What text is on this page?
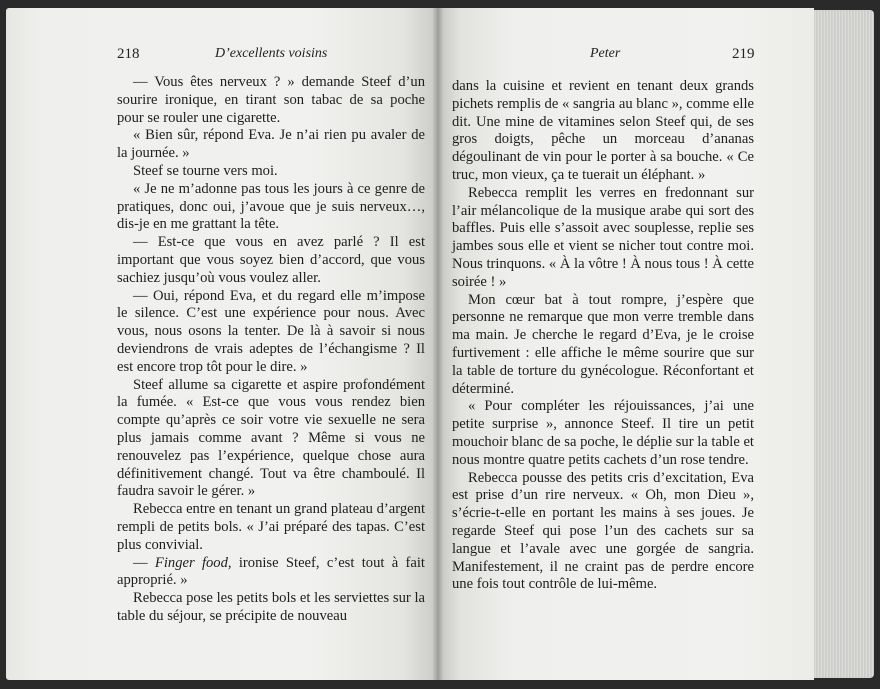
218	D’excellents voisins

— Vous êtes nerveux ? » demande Steef d’un sourire ironique, en tirant son tabac de sa poche pour se rouler une cigarette.

« Bien sûr, répond Eva. Je n’ai rien pu avaler de la journée. »

Steef se tourne vers moi.

« Je ne m’adonne pas tous les jours à ce genre de pratiques, donc oui, j’avoue que je suis nerveux…, dis-je en me grattant la tête.

— Est-ce que vous en avez parlé ? Il est important que vous soyez bien d’accord, que vous sachiez jusqu’où vous voulez aller.

— Oui, répond Eva, et du regard elle m’impose le silence. C’est une expérience pour nous. Avec vous, nous osons la tenter. De là à savoir si nous deviendrons de vrais adeptes de l’échangisme ? Il est encore trop tôt pour le dire. »

Steef allume sa cigarette et aspire profondément la fumée. « Est-ce que vous vous rendez bien compte qu’après ce soir votre vie sexuelle ne sera plus jamais comme avant ? Même si vous ne renouvelez pas l’expérience, quelque chose aura définitivement changé. Tout va être chamboulé. Il faudra savoir le gérer. »

Rebecca entre en tenant un grand plateau d’argent rempli de petits bols. « J’ai préparé des tapas. C’est plus convivial.

— Finger food, ironise Steef, c’est tout à fait approprié. »

Rebecca pose les petits bols et les serviettes sur la table du séjour, se précipite de nouveau

Peter	219

dans la cuisine et revient en tenant deux grands pichets remplis de « sangria au blanc », comme elle dit. Une mine de vitamines selon Steef qui, de ses gros doigts, pêche un morceau d’ananas dégoulinant de vin pour le porter à sa bouche. « Ce truc, mon vieux, ça te tuerait un éléphant. »

Rebecca remplit les verres en fredonnant sur l’air mélancolique de la musique arabe qui sort des baffles. Puis elle s’assoit avec souplesse, replie ses jambes sous elle et vient se nicher tout contre moi. Nous trinquons. « À la vôtre ! À nous tous ! À cette soirée ! »

Mon cœur bat à tout rompre, j’espère que personne ne remarque que mon verre tremble dans ma main. Je cherche le regard d’Eva, je le croise furtivement : elle affiche le même sourire que sur la table de torture du gynécologue. Réconfortant et déterminé.

« Pour compléter les réjouissances, j’ai une petite surprise », annonce Steef. Il tire un petit mouchoir blanc de sa poche, le déplie sur la table et nous montre quatre petits cachets d’un rose tendre.

Rebecca pousse des petits cris d’excitation, Eva est prise d’un rire nerveux. « Oh, mon Dieu », s’écrie-t-elle en portant les mains à ses joues. Je regarde Steef qui pose l’un des cachets sur sa langue et l’avale avec une gorgée de sangria. Manifestement, il ne craint pas de perdre encore une fois tout contrôle de lui-même.
